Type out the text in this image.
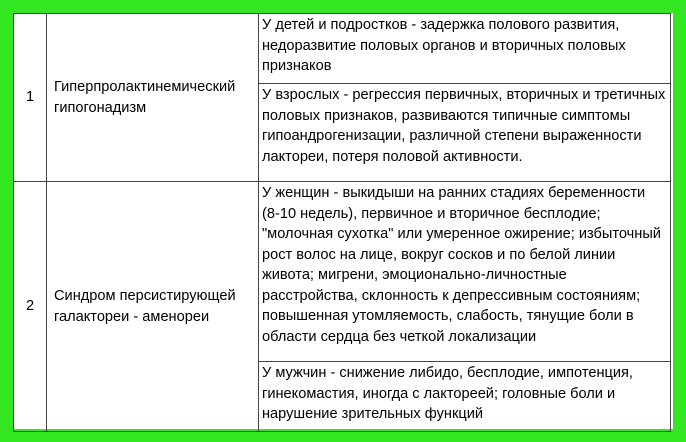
1	Гиперпролактинемический гипогонадизм	У детей и подростков - задержка полового развития, недоразвитие половых органов и вторичных половых признаков

		У взрослых - регрессия первичных, вторичных и третичных половых признаков, развиваются типичные симптомы гипоандрогенизации, различной степени выраженности лактореи, потеря половой активности.

2	Синдром персистирующей галактореи - аменореи	У женщин - выкидыши на ранних стадиях беременности (8-10 недель), первичное и вторичное бесплодие; "молочная сухотка" или умеренное ожирение; избыточный рост волос на лице, вокруг сосков и по белой линии живота; мигрени, эмоционально-личностные расстройства, склонность к депрессивным состояниям; повышенная утомляемость, слабость, тянущие боли в области сердца без четкой локализации

		У мужчин - снижение либидо, бесплодие, импотенция, гинекомастия, иногда с лактореей; головные боли и нарушение зрительных функций
